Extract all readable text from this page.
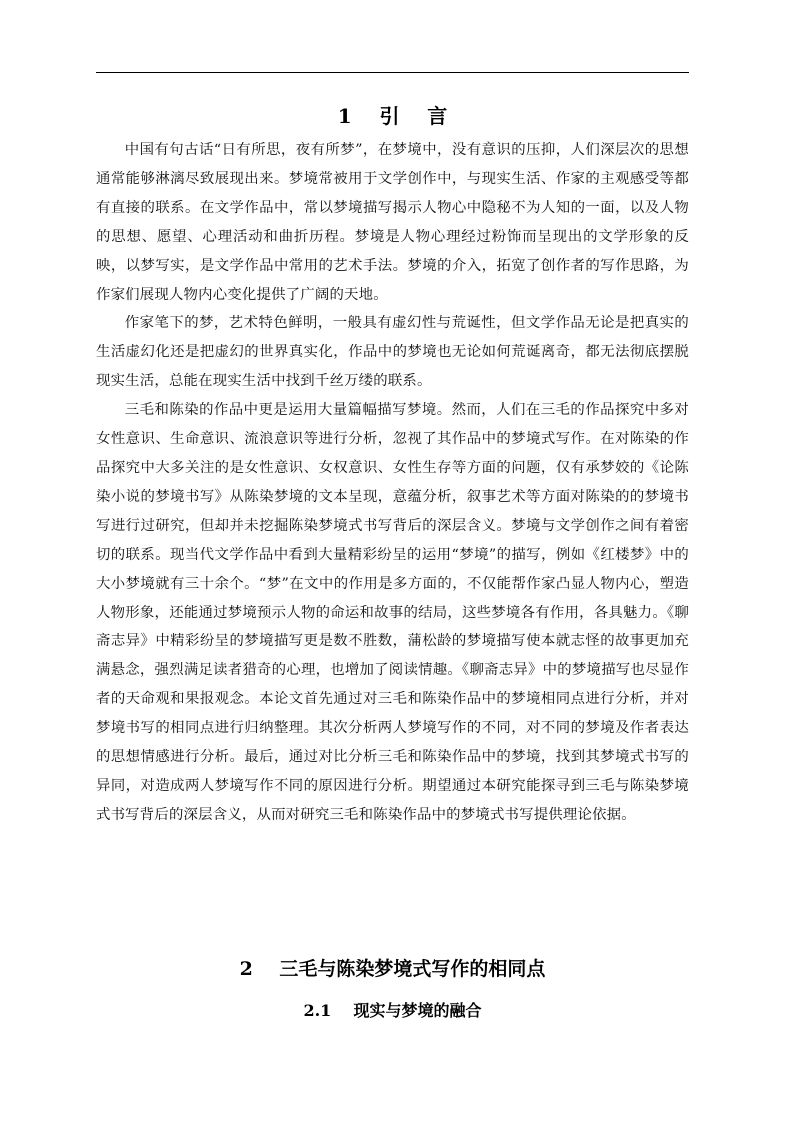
1    引    言

中国有句古话“日有所思，夜有所梦”，在梦境中，没有意识的压抑，人们深层次的思想通常能够淋漓尽致展现出来。梦境常被用于文学创作中，与现实生活、作家的主观感受等都有直接的联系。在文学作品中，常以梦境描写揭示人物心中隐秘不为人知的一面，以及人物的思想、愿望、心理活动和曲折历程。梦境是人物心理经过粉饰而呈现出的文学形象的反映，以梦写实，是文学作品中常用的艺术手法。梦境的介入，拓宽了创作者的写作思路，为作家们展现人物内心变化提供了广阔的天地。

作家笔下的梦，艺术特色鲜明，一般具有虚幻性与荒诞性，但文学作品无论是把真实的生活虚幻化还是把虚幻的世界真实化，作品中的梦境也无论如何荒诞离奇，都无法彻底摆脱现实生活，总能在现实生活中找到千丝万缕的联系。

三毛和陈染的作品中更是运用大量篇幅描写梦境。然而，人们在三毛的作品探究中多对女性意识、生命意识、流浪意识等进行分析，忽视了其作品中的梦境式写作。在对陈染的作品探究中大多关注的是女性意识、女权意识、女性生存等方面的问题，仅有承梦姣的《论陈染小说的梦境书写》从陈染梦境的文本呈现，意蕴分析，叙事艺术等方面对陈染的的梦境书写进行过研究，但却并未挖掘陈染梦境式书写背后的深层含义。梦境与文学创作之间有着密切的联系。现当代文学作品中看到大量精彩纷呈的运用“梦境”的描写，例如《红楼梦》中的大小梦境就有三十余个。“梦”在文中的作用是多方面的，不仅能帮作家凸显人物内心，塑造人物形象，还能通过梦境预示人物的命运和故事的结局，这些梦境各有作用，各具魅力。《聊斋志异》中精彩纷呈的梦境描写更是数不胜数，蒲松龄的梦境描写使本就志怪的故事更加充满悬念，强烈满足读者猎奇的心理，也增加了阅读情趣。《聊斋志异》中的梦境描写也尽显作者的天命观和果报观念。本论文首先通过对三毛和陈染作品中的梦境相同点进行分析，并对梦境书写的相同点进行归纳整理。其次分析两人梦境写作的不同，对不同的梦境及作者表达的思想情感进行分析。最后，通过对比分析三毛和陈染作品中的梦境，找到其梦境式书写的异同，对造成两人梦境写作不同的原因进行分析。期望通过本研究能探寻到三毛与陈染梦境式书写背后的深层含义，从而对研究三毛和陈染作品中的梦境式书写提供理论依据。

2    三毛与陈染梦境式写作的相同点
2.1    现实与梦境的融合
